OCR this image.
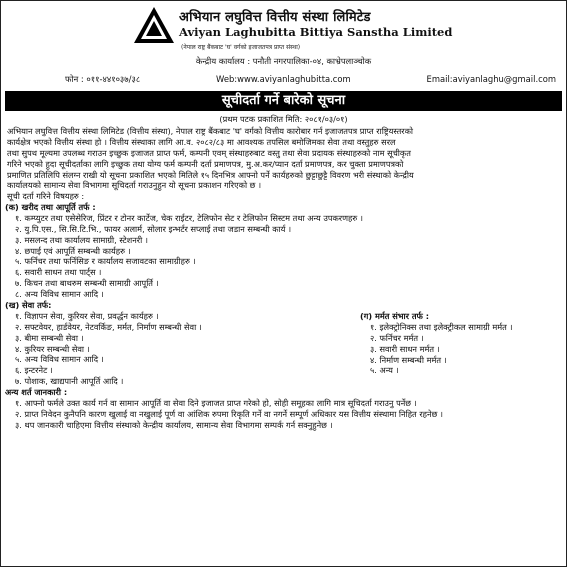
अभियान लघुवित्त वित्तीय संस्था लिमिटेड
Aviyan Laghubitta Bittiya Sanstha Limited
(नेपाल राष्ट्र बैंकबाट 'घ' वर्गको इजाजतपत्र प्राप्त संस्था)
केन्द्रीय कार्यालय : पनौती नगरपालिका-०४, काभ्रेपलाञ्चोक
फोन : ०११-४४१०३७/३८	Web:www.aviyanlaghubitta.com	Email:aviyanlaghu@gmail.com
सूचीदर्ता गर्ने बारेको सूचना
(प्रथम पटक प्रकाशित मिति: २०८१/०३/०१)
अभियान लघुवित्त वित्तीय संस्था लिमिटेड (वित्तीय संस्था), नेपाल राष्ट्र बैंकबाट 'घ' वर्गको वित्तीय कारोबार गर्न इजाजतपत्र प्राप्त राष्ट्रियस्तरको
कार्यक्षेत्र भएको वित्तीय संस्था हो । वित्तीय संस्थाका लागि आ.व. २०८२/८३ मा आवश्यक तपसिल बमोजिमका सेवा तथा वस्तुहरु सरल
तथा सुपथ मूल्यमा उपलब्ध गराउन इच्छुक इजाजत प्राप्त फर्म, कम्पनी एवम् संस्थाहरुबाट वस्तु तथा सेवा प्रदायक संस्थाहरुको नाम सूचीकृत
गरिने भएको हुदा सूचीदर्ताका लागि इच्छुक तथा योग्य फर्म कम्पनी दर्ता प्रमाणपत्र, मु.अ.कर/प्यान दर्ता प्रमाणपत्र, कर चुक्ता प्रमाणपत्रको
प्रमाणित प्रतिलिपि संलग्न राखी यो सूचना प्रकाशित भएको मितिले १५ दिनभित्र आफ्नो पर्ने कार्यहरुको छुट्टाछुट्टै विवरण भरी संस्थाको केन्द्रीय
कार्यालयको सामान्य सेवा विभागमा सूचिदर्ता गराउनुहुन यो सूचना प्रकाशन गरिएको छ ।
सूची दर्ता गरिने विषयहरु :
(क) खरीद तथा आपूर्ति तर्फ :
१. कम्प्युटर तथा एसेसेरिज, प्रिंटर र टोनर कार्टेज, चेक राईटर, टेलिफोन सेट र टेलिफोन सिस्टम तथा अन्य उपकरणहरु ।
२. यु.पि.एस., सि.सि.टि.भि., फायर अलार्म, सोलार इन्भर्टर सप्लाई तथा जडान सम्बन्धी कार्य ।
३. मसलन्द तथा कार्यालय सामाग्री, स्टेशनरी ।
४. छपाई एवं आपूर्ति सम्बन्धी कार्यहरु ।
५. फर्निचर तथा फर्निसिङ र कार्यालय सजावटका सामाग्रीहरु ।
६. सवारी साधन तथा पार्ट्स ।
७. किचन तथा बाथरुम सम्बन्धी सामाग्री आपूर्ति ।
८. अन्य विविध सामान आदि ।
(ख) सेवा तर्फ:
१. विज्ञापन सेवा, कुरियर सेवा, प्रवर्द्धन कार्यहरु ।
२. सफ्टवेयर, हार्डवेयर, नेटवर्किङ, मर्मत, निर्माण सम्बन्धी सेवा ।
३. बीमा सम्बन्धी सेवा ।
४. कुरियर सम्बन्धी सेवा ।
५. अन्य विविध सामान आदि ।
६. इन्टरनेट ।
७. पोशाक, खाद्यपानी आपूर्ति आदि ।
(ग) मर्मत संभार तर्फ :
१. इलेक्ट्रोनिक्स तथा इलेक्ट्रीकल सामाग्री मर्मत ।
२. फर्निचर मर्मत ।
३. सवारी साधन मर्मत ।
४. निर्माण सम्बन्धी मर्मत ।
५. अन्य ।
अन्य शर्त जानकारी :
१. आफ्नो फर्मले उक्त कार्य गर्न वा सामान आपूर्ति वा सेवा दिने इजाजत प्राप्त गरेको हो, सोही समूहका लागि मात्र सूचिदर्ता गराउनु पर्नेछ ।
२. प्राप्त निवेदन कुनैपनि कारण खुलाई वा नखुलाई पूर्ण वा आंशिक रुपमा रिकृति गर्ने वा नगर्ने सम्पूर्ण अधिकार यस वित्तीय संस्थामा निहित रहनेछ ।
३. थप जानकारी चाहिएमा वित्तीय संस्थाको केन्द्रीय कार्यालय, सामान्य सेवा विभागमा सम्पर्क गर्न सक्नुहुनेछ ।
